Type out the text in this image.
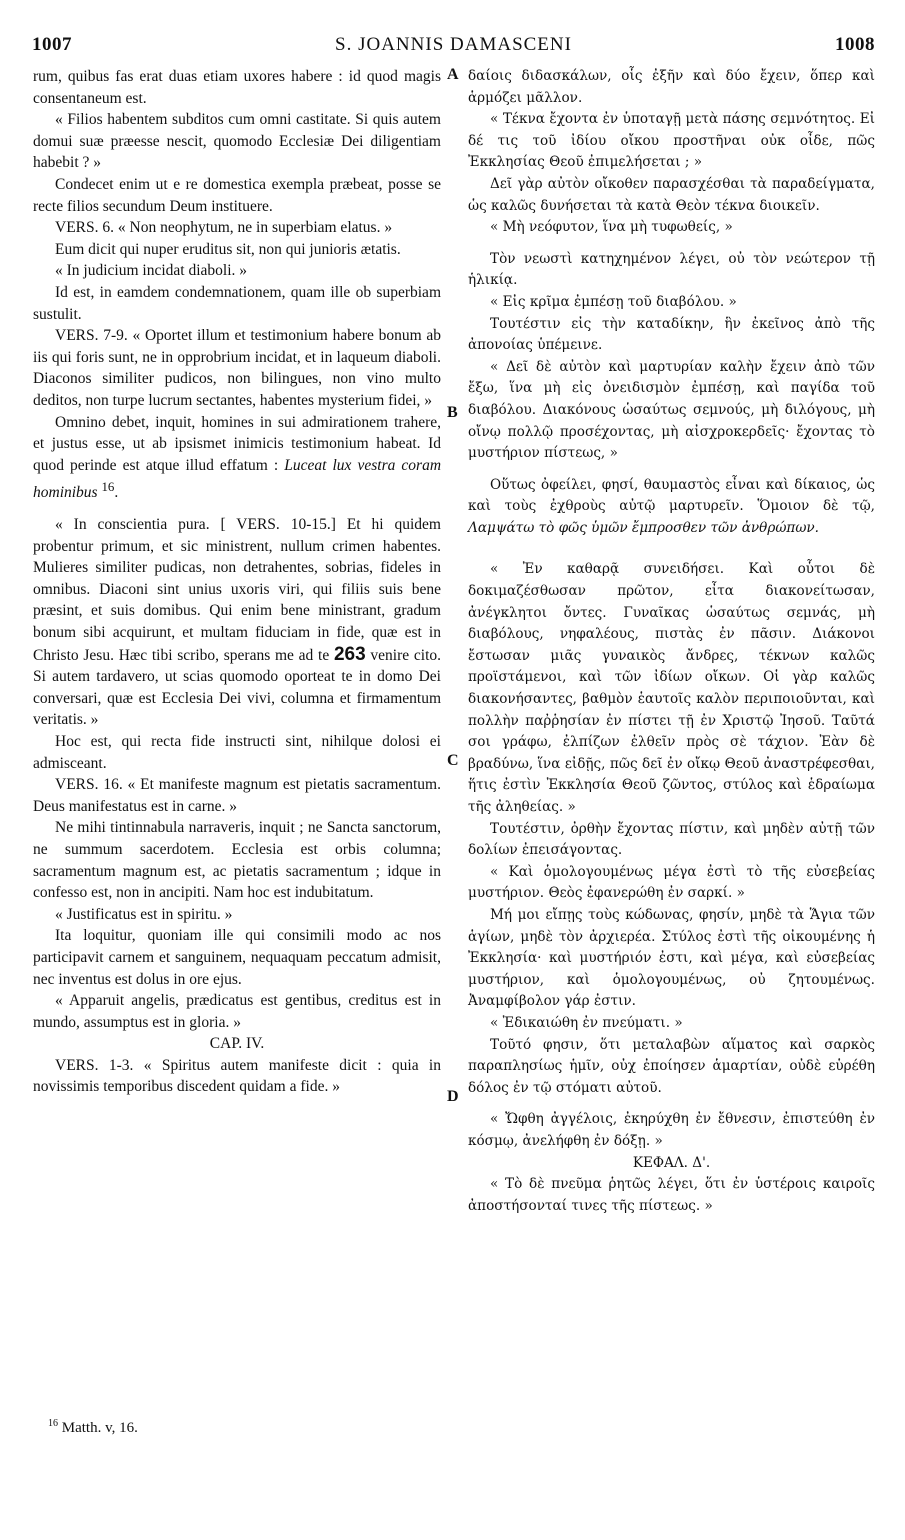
1007	S. JOANNIS DAMASCENI	1008
A
B
C
D

rum, quibus fas erat duas etiam uxores habere : id quod magis consentaneum est.

« Filios habentem subditos cum omni castitate. Si quis autem domui suæ præesse nescit, quomodo Ecclesiæ Dei diligentiam habebit ? »

Condecet enim ut e re domestica exempla præbeat, posse se recte filios secundum Deum instituere.

VERS. 6. « Non neophytum, ne in superbiam elatus. »

Eum dicit qui nuper eruditus sit, non qui junioris ætatis.

« In judicium incidat diaboli. »

Id est, in eamdem condemnationem, quam ille ob superbiam sustulit.

VERS. 7-9. « Oportet illum et testimonium habere bonum ab iis qui foris sunt, ne in opprobrium incidat, et in laqueum diaboli. Diaconos similiter pudicos, non bilingues, non vino multo deditos, non turpe lucrum sectantes, habentes mysterium fidei, »

Omnino debet, inquit, homines in sui admirationem trahere, et justus esse, ut ab ipsismet inimicis testimonium habeat. Id quod perinde est atque illud effatum : Luceat lux vestra coram hominibus $^{16}$.

« In conscientia pura. [ VERS. 10-15.] Et hi quidem probentur primum, et sic ministrent, nullum crimen habentes. Mulieres similiter pudicas, non detrahentes, sobrias, fideles in omnibus. Diaconi sint unius uxoris viri, qui filiis suis bene præsint, et suis domibus. Qui enim bene ministrant, gradum bonum sibi acquirunt, et multam fiduciam in fide, quæ est in Christo Jesu. Hæc tibi scribo, sperans me ad te 263 venire cito. Si autem tardavero, ut scias quomodo oporteat te in domo Dei conversari, quæ est Ecclesia Dei vivi, columna et firmamentum veritatis. »

Hoc est, qui recta fide instructi sint, nihilque dolosi ei admisceant.

VERS. 16. « Et manifeste magnum est pietatis sacramentum. Deus manifestatus est in carne. »

Ne mihi tintinnabula narraveris, inquit ; ne Sancta sanctorum, ne summum sacerdotem. Ecclesia est orbis columna; sacramentum magnum est, ac pietatis sacramentum ; idque in confesso est, non in ancipiti. Nam hoc est indubitatum.

« Justificatus est in spiritu. »

Ita loquitur, quoniam ille qui consimili modo ac nos participavit carnem et sanguinem, nequaquam peccatum admisit, nec inventus est dolus in ore ejus.

« Apparuit angelis, prædicatus est gentibus, creditus est in mundo, assumptus est in gloria. »

CAP. IV.

VERS. 1-3. « Spiritus autem manifeste dicit : quia in novissimis temporibus discedent quidam a fide. »

δαίοις διδασκάλων, οἷς ἐξῆν καὶ δύο ἔχειν, ὅπερ καὶ ἁρμόζει μᾶλλον.

« Τέκνα ἔχοντα ἐν ὑποταγῇ μετὰ πάσης σεμνότητος. Εἰ δέ τις τοῦ ἰδίου οἴκου προστῆναι οὐκ οἶδε, πῶς Ἐκκλησίας Θεοῦ ἐπιμελήσεται ; »

Δεῖ γὰρ αὐτὸν οἴκοθεν παρασχέσθαι τὰ παραδείγματα, ὡς καλῶς δυνήσεται τὰ κατὰ Θεὸν τέκνα διοικεῖν.

« Μὴ νεόφυτον, ἵνα μὴ τυφωθείς, »

Τὸν νεωστὶ κατηχημένον λέγει, οὐ τὸν νεώτερον τῇ ἡλικίᾳ.

« Εἰς κρῖμα ἐμπέσῃ τοῦ διαβόλου. »

Τουτέστιν εἰς τὴν καταδίκην, ἣν ἐκεῖνος ἀπὸ τῆς ἀπονοίας ὑπέμεινε.

« Δεῖ δὲ αὐτὸν καὶ μαρτυρίαν καλὴν ἔχειν ἀπὸ τῶν ἔξω, ἵνα μὴ εἰς ὀνειδισμὸν ἐμπέσῃ, καὶ παγίδα τοῦ διαβόλου. Διακόνους ὡσαύτως σεμνούς, μὴ διλόγους, μὴ οἴνῳ πολλῷ προσέχοντας, μὴ αἰσχροκερδεῖς· ἔχοντας τὸ μυστήριον πίστεως, »

Οὕτως ὀφείλει, φησί, θαυμαστὸς εἶναι καὶ δίκαιος, ὡς καὶ τοὺς ἐχθροὺς αὐτῷ μαρτυρεῖν. Ὅμοιον δὲ τῷ, Λαμψάτω τὸ φῶς ὑμῶν ἔμπροσθεν τῶν ἀνθρώπων.

« Ἐν καθαρᾷ συνειδήσει. Καὶ οὗτοι δὲ δοκιμαζέσθωσαν πρῶτον, εἶτα διακονείτωσαν, ἀνέγκλητοι ὄντες. Γυναῖκας ὡσαύτως σεμνάς, μὴ διαβόλους, νηφαλέους, πιστὰς ἐν πᾶσιν. Διάκονοι ἔστωσαν μιᾶς γυναικὸς ἄνδρες, τέκνων καλῶς προϊστάμενοι, καὶ τῶν ἰδίων οἴκων. Οἱ γὰρ καλῶς διακονήσαντες, βαθμὸν ἑαυτοῖς καλὸν περιποιοῦνται, καὶ πολλὴν παῤῥησίαν ἐν πίστει τῇ ἐν Χριστῷ Ἰησοῦ. Ταῦτά σοι γράφω, ἐλπίζων ἐλθεῖν πρὸς σὲ τάχιον. Ἐὰν δὲ βραδύνω, ἵνα εἰδῇς, πῶς δεῖ ἐν οἴκῳ Θεοῦ ἀναστρέφεσθαι, ἥτις ἐστὶν Ἐκκλησία Θεοῦ ζῶντος, στύλος καὶ ἑδραίωμα τῆς ἀληθείας. »

Τουτέστιν, ὀρθὴν ἔχοντας πίστιν, καὶ μηδὲν αὐτῇ τῶν δολίων ἐπεισάγοντας.

« Καὶ ὁμολογουμένως μέγα ἐστὶ τὸ τῆς εὐσεβείας μυστήριον. Θεὸς ἐφανερώθη ἐν σαρκί. »

Μή μοι εἴπῃς τοὺς κώδωνας, φησίν, μηδὲ τὰ Ἅγια τῶν ἁγίων, μηδὲ τὸν ἀρχιερέα. Στύλος ἐστὶ τῆς οἰκουμένης ἡ Ἐκκλησία· καὶ μυστήριόν ἐστι, καὶ μέγα, καὶ εὐσεβείας μυστήριον, καὶ ὁμολογουμένως, οὐ ζητουμένως. Ἀναμφίβολον γάρ ἐστιν.

« Ἐδικαιώθη ἐν πνεύματι. »

Τοῦτό φησιν, ὅτι μεταλαβὼν αἵματος καὶ σαρκὸς παραπλησίως ἡμῖν, οὐχ ἐποίησεν ἁμαρτίαν, οὐδὲ εὑρέθη δόλος ἐν τῷ στόματι αὐτοῦ.

« Ὤφθη ἀγγέλοις, ἐκηρύχθη ἐν ἔθνεσιν, ἐπιστεύθη ἐν κόσμῳ, ἀνελήφθη ἐν δόξῃ. »

ΚΕΦΑΛ. Δ'.

« Τὸ δὲ πνεῦμα ῥητῶς λέγει, ὅτι ἐν ὑστέροις καιροῖς ἀποστήσονταί τινες τῆς πίστεως. »

$^{16}$ Matth. v, 16.
